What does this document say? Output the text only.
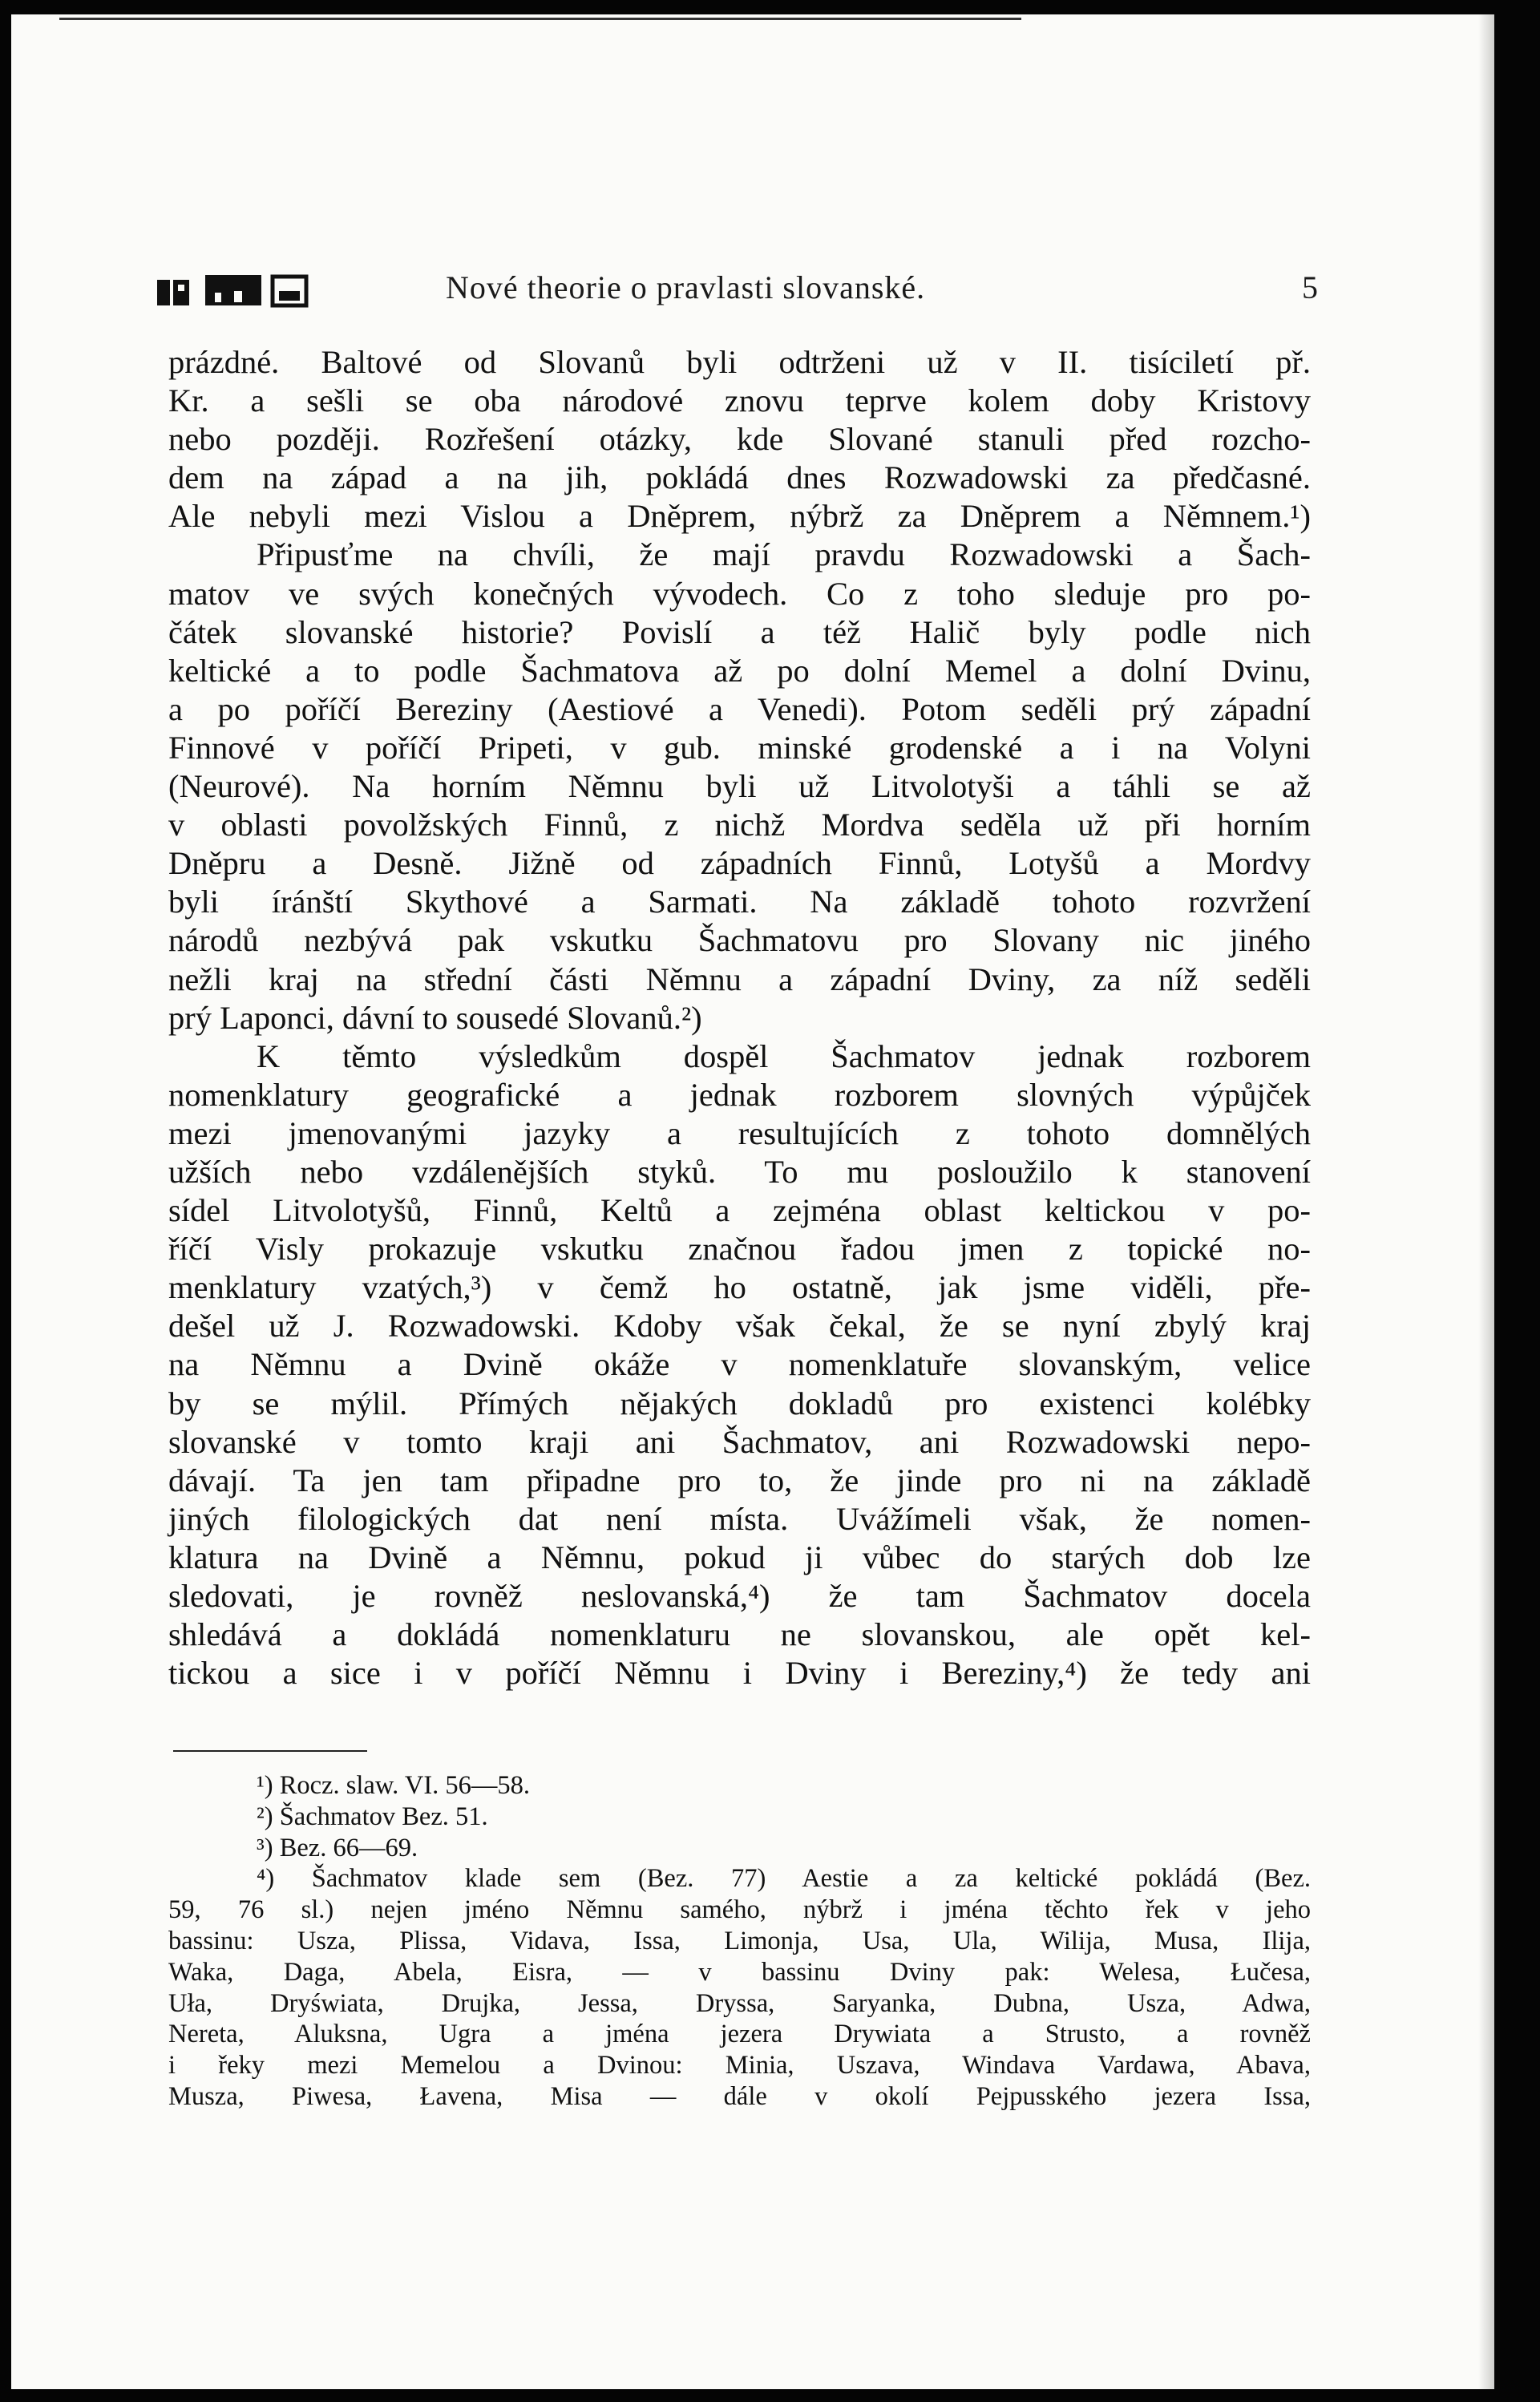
Nové theorie o pravlasti slovanské.	5
prázdné. Baltové od Slovanů byli odtrženi už v II. tisíciletí př.
Kr. a sešli se oba národové znovu teprve kolem doby Kristovy
nebo později. Rozřešení otázky, kde Slované stanuli před rozcho-
dem na západ a na jih, pokládá dnes Rozwadowski za předčasné.
Ale nebyli mezi Vislou a Dněprem, nýbrž za Dněprem a Němnem.¹)
Připusťme na chvíli, že mají pravdu Rozwadowski a Šach-
matov ve svých konečných vývodech. Co z toho sleduje pro po-
čátek slovanské historie? Povislí a též Halič byly podle nich
keltické a to podle Šachmatova až po dolní Memel a dolní Dvinu,
a po poříčí Bereziny (Aestiové a Venedi). Potom seděli prý západní
Finnové v poříčí Pripeti, v gub. minské grodenské a i na Volyni
(Neurové). Na horním Němnu byli už Litvolotyši a táhli se až
v oblasti povolžských Finnů, z nichž Mordva seděla už při horním
Dněpru a Desně. Jižně od západních Finnů, Lotyšů a Mordvy
byli íránští Skythové a Sarmati. Na základě tohoto rozvržení
národů nezbývá pak vskutku Šachmatovu pro Slovany nic jiného
nežli kraj na střední části Němnu a západní Dviny, za níž seděli
prý Laponci, dávní to sousedé Slovanů.²)
K těmto výsledkům dospěl Šachmatov jednak rozborem
nomenklatury geografické a jednak rozborem slovných výpůjček
mezi jmenovanými jazyky a resultujících z tohoto domnělých
užších nebo vzdálenějších styků. To mu posloužilo k stanovení
sídel Litvolotyšů, Finnů, Keltů a zejména oblast keltickou v po-
říčí Visly prokazuje vskutku značnou řadou jmen z topické no-
menklatury vzatých,³) v čemž ho ostatně, jak jsme viděli, pře-
dešel už J. Rozwadowski. Kdoby však čekal, že se nyní zbylý kraj
na Němnu a Dvině okáže v nomenklatuře slovanským, velice
by se mýlil. Přímých nějakých dokladů pro existenci kolébky
slovanské v tomto kraji ani Šachmatov, ani Rozwadowski nepo-
dávají. Ta jen tam připadne pro to, že jinde pro ni na základě
jiných filologických dat není místa. Uvážímeli však, že nomen-
klatura na Dvině a Němnu, pokud ji vůbec do starých dob lze
sledovati, je rovněž neslovanská,⁴) že tam Šachmatov docela
shledává a dokládá nomenklaturu ne slovanskou, ale opět kel-
tickou a sice i v poříčí Němnu i Dviny i Bereziny,⁴) že tedy ani
¹) Rocz. slaw. VI. 56—58.
²) Šachmatov Bez. 51.
³) Bez. 66—69.
⁴) Šachmatov klade sem (Bez. 77) Aestie a za keltické pokládá (Bez.
59, 76 sl.) nejen jméno Němnu samého, nýbrž i jména těchto řek v jeho
bassinu: Usza, Plissa, Vidava, Issa, Limonja, Usa, Ula, Wilija, Musa, Ilija,
Waka, Daga, Abela, Eisra, — v bassinu Dviny pak: Welesa, Łučesa,
Uła, Dryświata, Drujka, Jessa, Dryssa, Saryanka, Dubna, Usza, Adwa,
Nereta, Aluksna, Ugra a jména jezera Drywiata a Strusto, a rovněž
i řeky mezi Memelou a Dvinou: Minia, Uszava, Windava Vardawa, Abava,
Musza, Piwesa, Łavena, Misa — dále v okolí Pejpusského jezera Issa,
